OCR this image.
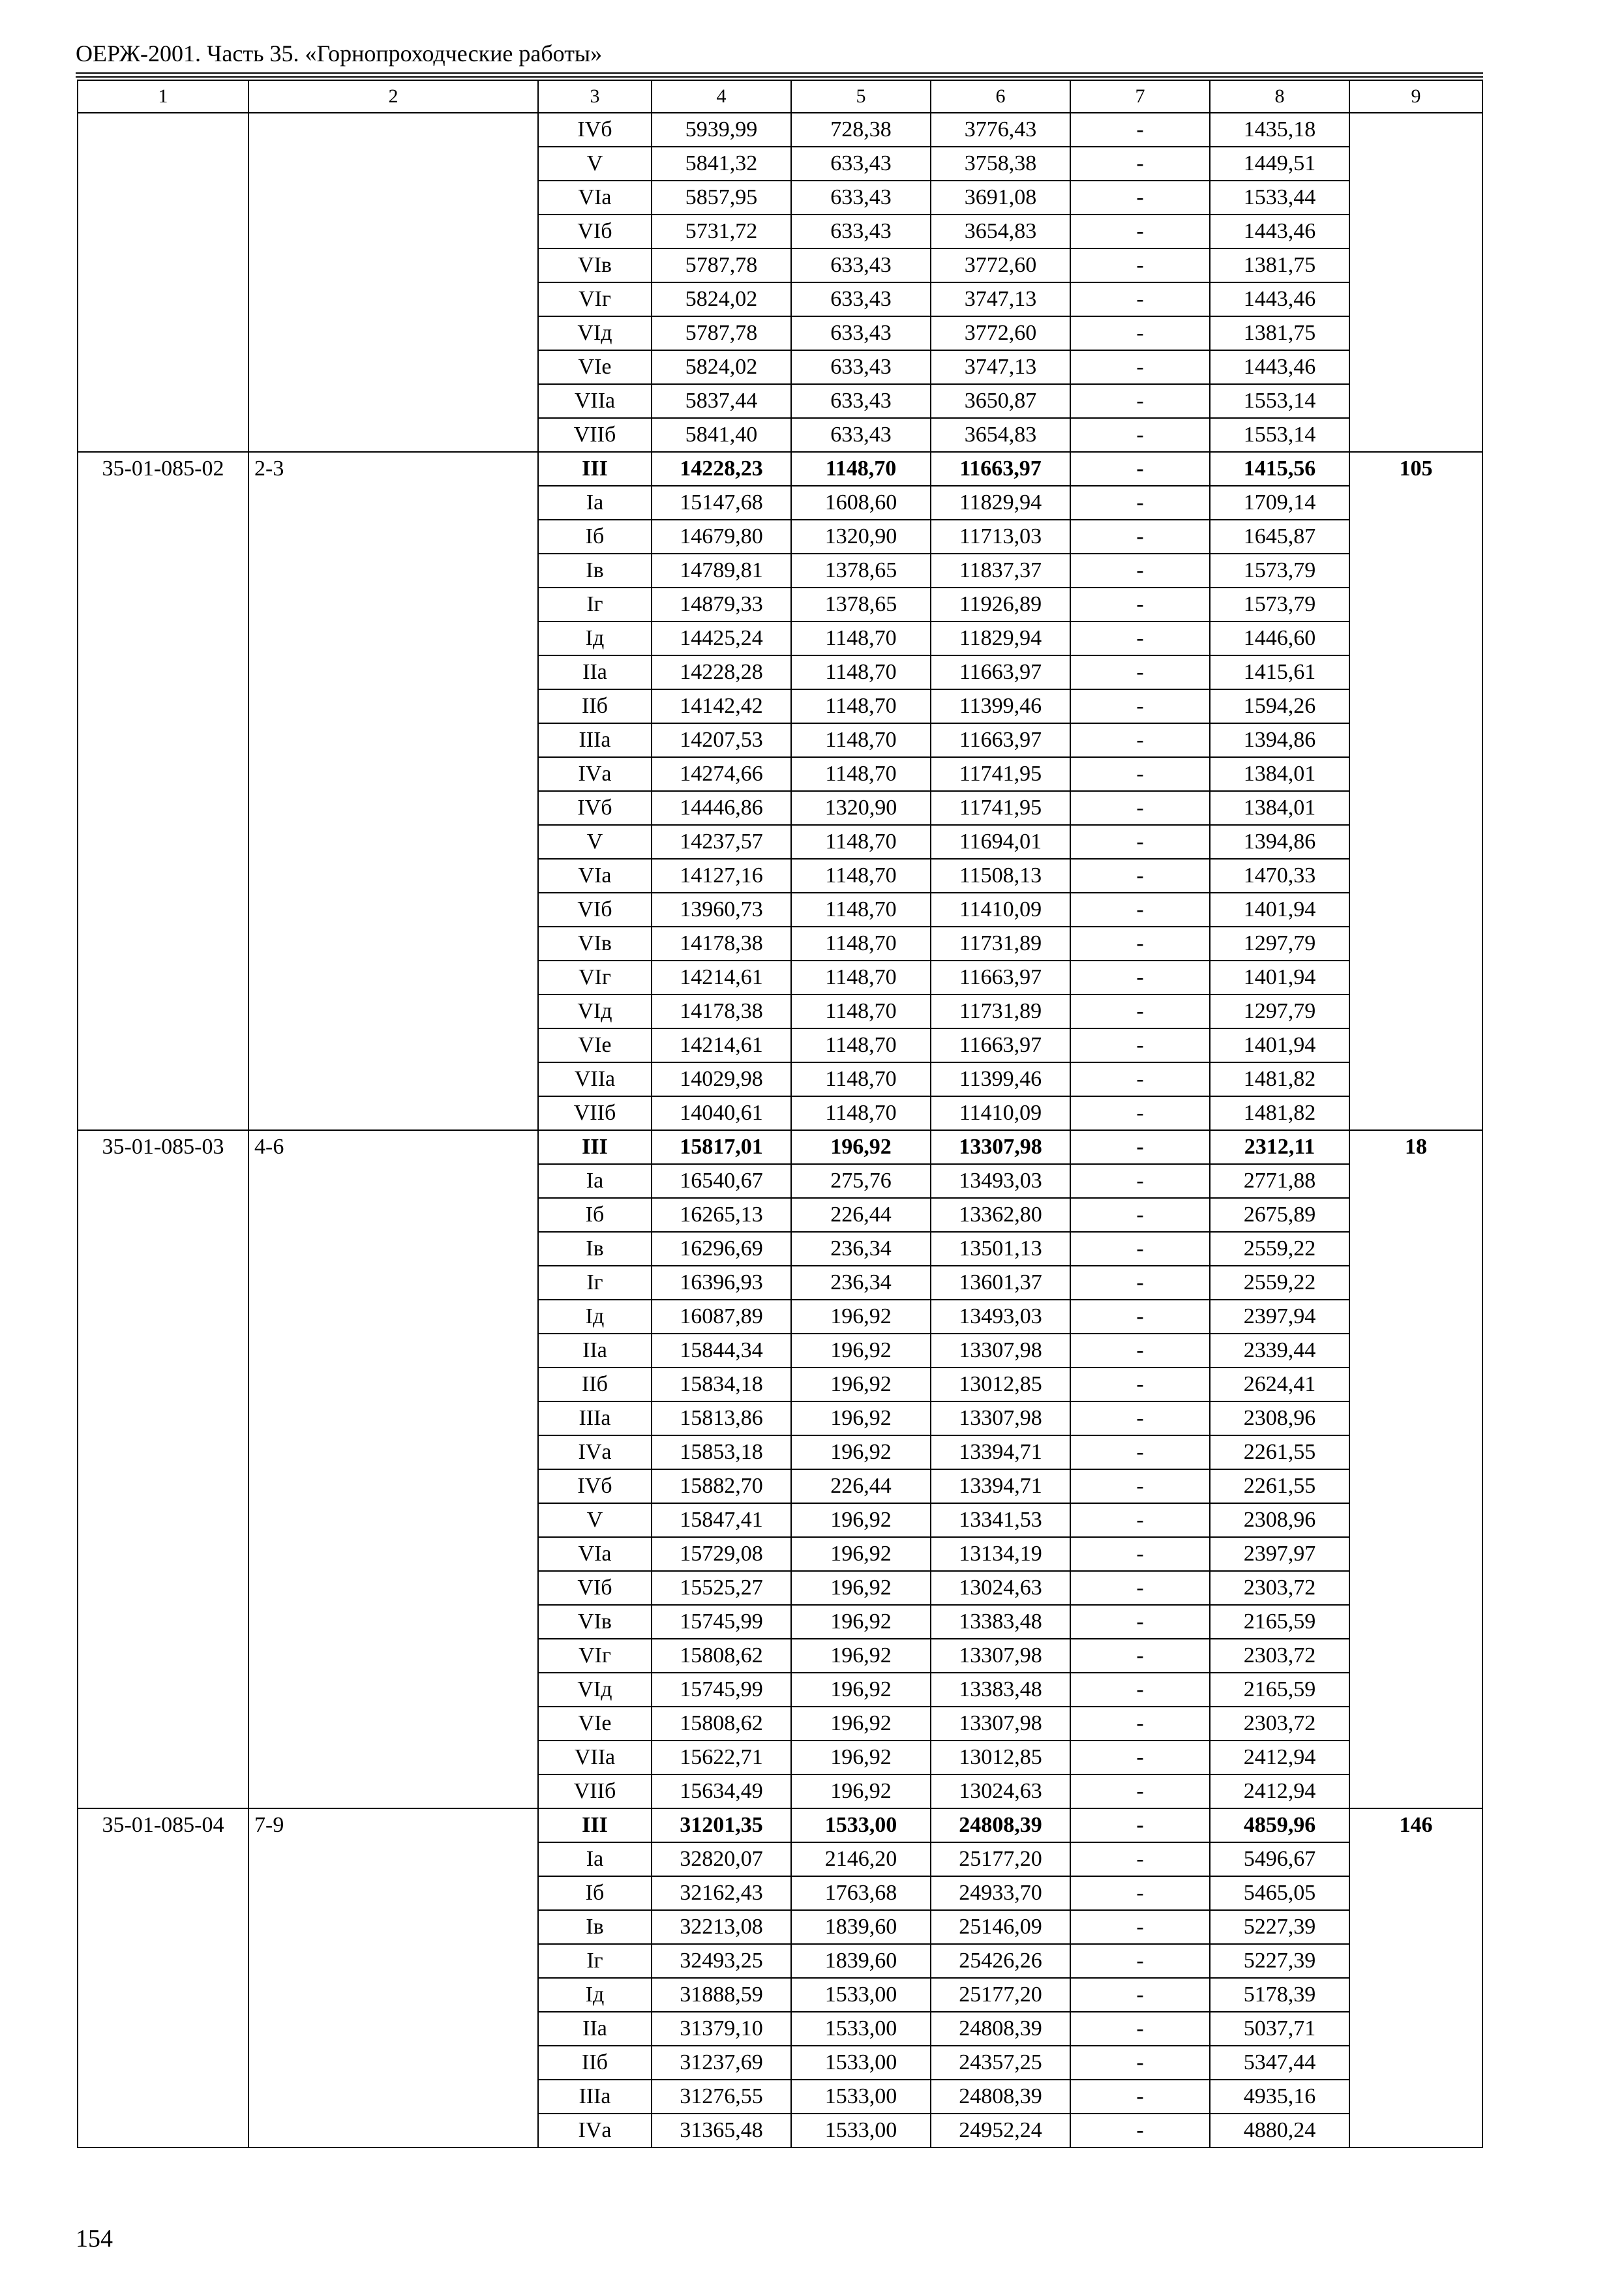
ОЕРЖ-2001. Часть 35. «Горнопроходческие работы»
1	2	3	4	5	6	7	8	9
		IVб	5939,99	728,38	3776,43	-	1435,18	
		V	5841,32	633,43	3758,38	-	1449,51	
		VIа	5857,95	633,43	3691,08	-	1533,44	
		VIб	5731,72	633,43	3654,83	-	1443,46	
		VIв	5787,78	633,43	3772,60	-	1381,75	
		VIг	5824,02	633,43	3747,13	-	1443,46	
		VIд	5787,78	633,43	3772,60	-	1381,75	
		VIе	5824,02	633,43	3747,13	-	1443,46	
		VIIа	5837,44	633,43	3650,87	-	1553,14	
		VIIб	5841,40	633,43	3654,83	-	1553,14	
35-01-085-02	2-3	III	14228,23	1148,70	11663,97	-	1415,56	105
		Iа	15147,68	1608,60	11829,94	-	1709,14	
		Iб	14679,80	1320,90	11713,03	-	1645,87	
		Iв	14789,81	1378,65	11837,37	-	1573,79	
		Iг	14879,33	1378,65	11926,89	-	1573,79	
		Iд	14425,24	1148,70	11829,94	-	1446,60	
		IIа	14228,28	1148,70	11663,97	-	1415,61	
		IIб	14142,42	1148,70	11399,46	-	1594,26	
		IIIа	14207,53	1148,70	11663,97	-	1394,86	
		IVа	14274,66	1148,70	11741,95	-	1384,01	
		IVб	14446,86	1320,90	11741,95	-	1384,01	
		V	14237,57	1148,70	11694,01	-	1394,86	
		VIа	14127,16	1148,70	11508,13	-	1470,33	
		VIб	13960,73	1148,70	11410,09	-	1401,94	
		VIв	14178,38	1148,70	11731,89	-	1297,79	
		VIг	14214,61	1148,70	11663,97	-	1401,94	
		VIд	14178,38	1148,70	11731,89	-	1297,79	
		VIе	14214,61	1148,70	11663,97	-	1401,94	
		VIIа	14029,98	1148,70	11399,46	-	1481,82	
		VIIб	14040,61	1148,70	11410,09	-	1481,82	
35-01-085-03	4-6	III	15817,01	196,92	13307,98	-	2312,11	18
		Iа	16540,67	275,76	13493,03	-	2771,88	
		Iб	16265,13	226,44	13362,80	-	2675,89	
		Iв	16296,69	236,34	13501,13	-	2559,22	
		Iг	16396,93	236,34	13601,37	-	2559,22	
		Iд	16087,89	196,92	13493,03	-	2397,94	
		IIа	15844,34	196,92	13307,98	-	2339,44	
		IIб	15834,18	196,92	13012,85	-	2624,41	
		IIIа	15813,86	196,92	13307,98	-	2308,96	
		IVа	15853,18	196,92	13394,71	-	2261,55	
		IVб	15882,70	226,44	13394,71	-	2261,55	
		V	15847,41	196,92	13341,53	-	2308,96	
		VIа	15729,08	196,92	13134,19	-	2397,97	
		VIб	15525,27	196,92	13024,63	-	2303,72	
		VIв	15745,99	196,92	13383,48	-	2165,59	
		VIг	15808,62	196,92	13307,98	-	2303,72	
		VIд	15745,99	196,92	13383,48	-	2165,59	
		VIе	15808,62	196,92	13307,98	-	2303,72	
		VIIа	15622,71	196,92	13012,85	-	2412,94	
		VIIб	15634,49	196,92	13024,63	-	2412,94	
35-01-085-04	7-9	III	31201,35	1533,00	24808,39	-	4859,96	146
		Iа	32820,07	2146,20	25177,20	-	5496,67	
		Iб	32162,43	1763,68	24933,70	-	5465,05	
		Iв	32213,08	1839,60	25146,09	-	5227,39	
		Iг	32493,25	1839,60	25426,26	-	5227,39	
		Iд	31888,59	1533,00	25177,20	-	5178,39	
		IIа	31379,10	1533,00	24808,39	-	5037,71	
		IIб	31237,69	1533,00	24357,25	-	5347,44	
		IIIа	31276,55	1533,00	24808,39	-	4935,16	
		IVа	31365,48	1533,00	24952,24	-	4880,24	
154
